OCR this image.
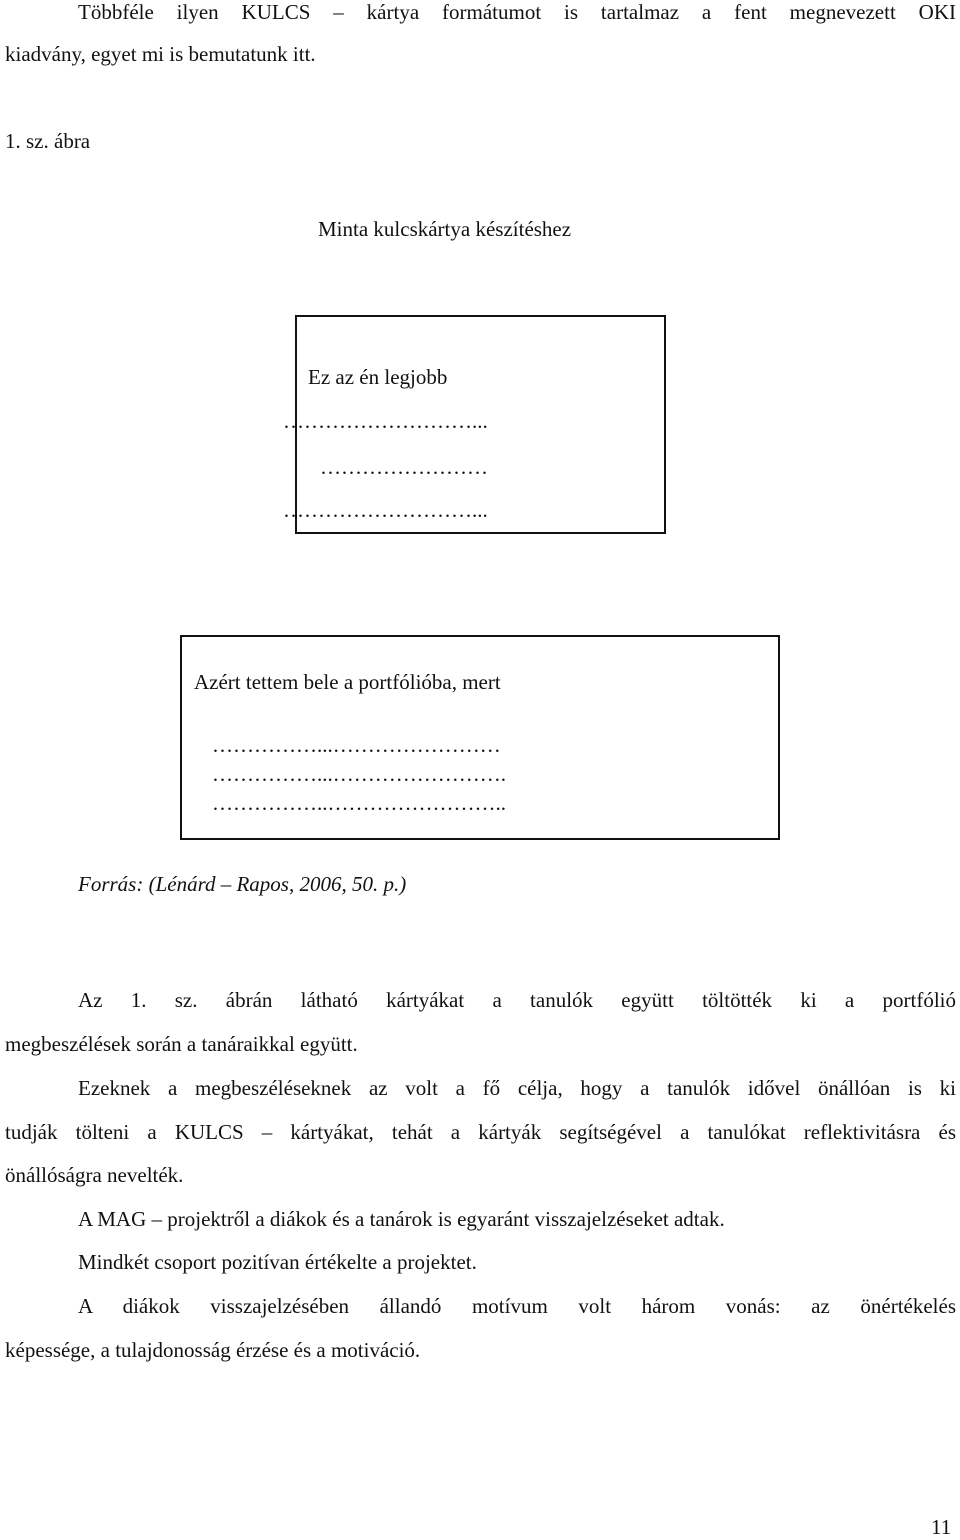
Többféle ilyen KULCS – kártya formátumot is tartalmaz a fent megnevezett OKI
kiadvány, egyet mi is bemutatunk itt.
1. sz. ábra
Minta kulcskártya készítéshez
Ez az én legjobb
………………………...
……………………
………………………...
Azért tettem bele a portfólióba, mert
……………...……………………
……………...…………………….
……………..……………………..
Forrás: (Lénárd – Rapos, 2006, 50. p.)
Az 1. sz. ábrán látható kártyákat a tanulók együtt töltötték ki a portfólió
megbeszélések során a tanáraikkal együtt.
Ezeknek a megbeszéléseknek az volt a fő célja, hogy a tanulók idővel önállóan is ki
tudják tölteni a KULCS – kártyákat, tehát a kártyák segítségével a tanulókat reflektivitásra és
önállóságra nevelték.
A MAG – projektről a diákok és a tanárok is egyaránt visszajelzéseket adtak.
Mindkét csoport pozitívan értékelte a projektet.
A diákok visszajelzésében állandó motívum volt három vonás: az önértékelés
képessége, a tulajdonosság érzése és a motiváció.
11
